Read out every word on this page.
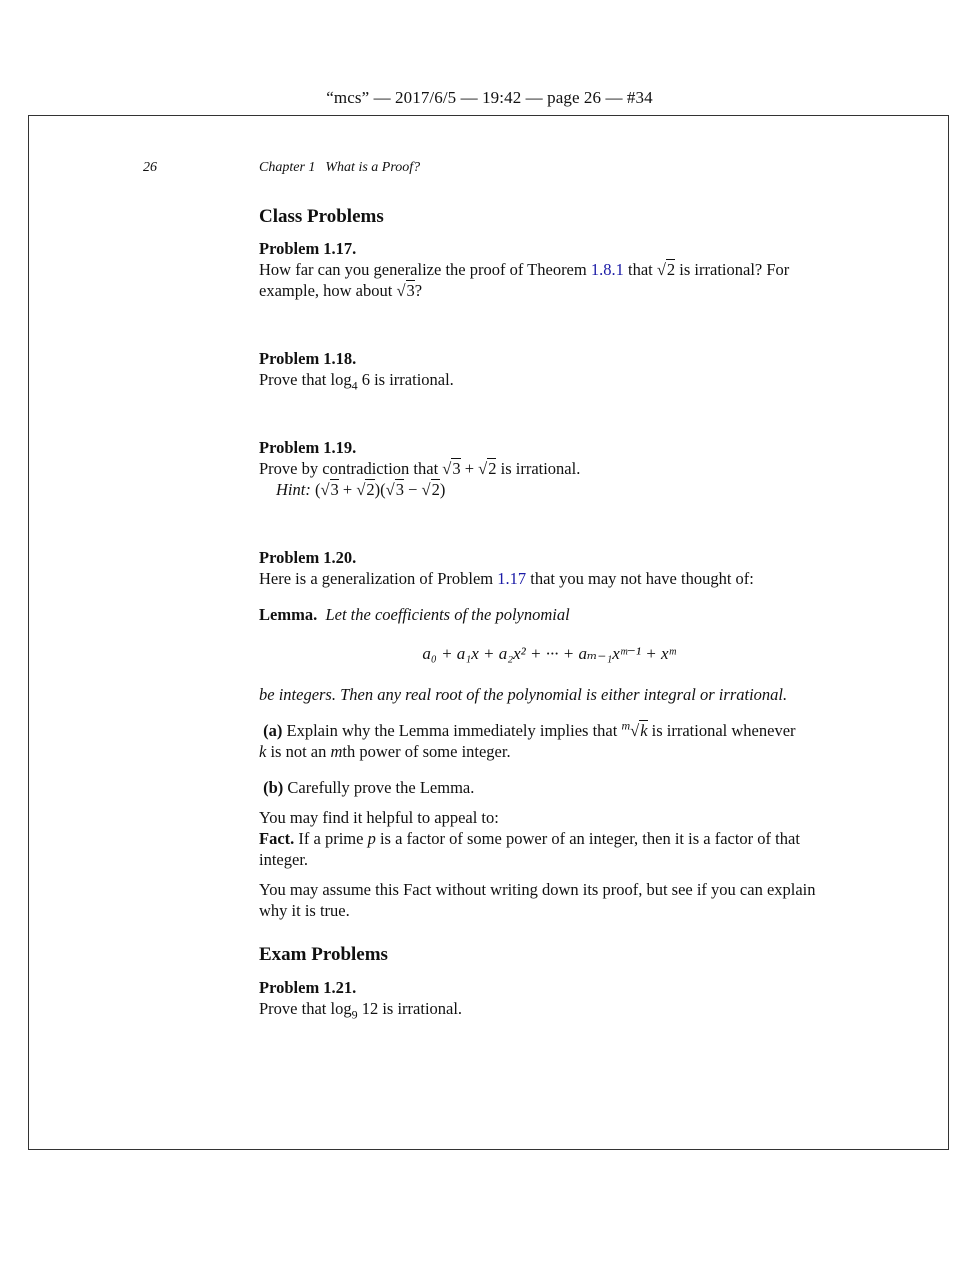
“mcs” — 2017/6/5 — 19:42 — page 26 — #34
26	Chapter 1 What is a Proof?
Class Problems
Problem 1.17.
How far can you generalize the proof of Theorem 1.8.1 that √2 is irrational? For
example, how about √3?
Problem 1.18.
Prove that $\log_4 6$ is irrational.
Problem 1.19.
Prove by contradiction that √3 + √2 is irrational.
Hint: (√3 + √2)(√3 − √2)
Problem 1.20.
Here is a generalization of Problem 1.17 that you may not have thought of:
Lemma. Let the coefficients of the polynomial
a₀ + a₁x + a₂x² + ··· + aₘ₋₁xᵐ⁻¹ + xᵐ
be integers. Then any real root of the polynomial is either integral or irrational.
(a) Explain why the Lemma immediately implies that $^m$√k is irrational whenever
k is not an mth power of some integer.
(b) Carefully prove the Lemma.
You may find it helpful to appeal to:
Fact. If a prime p is a factor of some power of an integer, then it is a factor of that
integer.
You may assume this Fact without writing down its proof, but see if you can explain
why it is true.
Exam Problems
Problem 1.21.
Prove that $\log_9 12$ is irrational.
